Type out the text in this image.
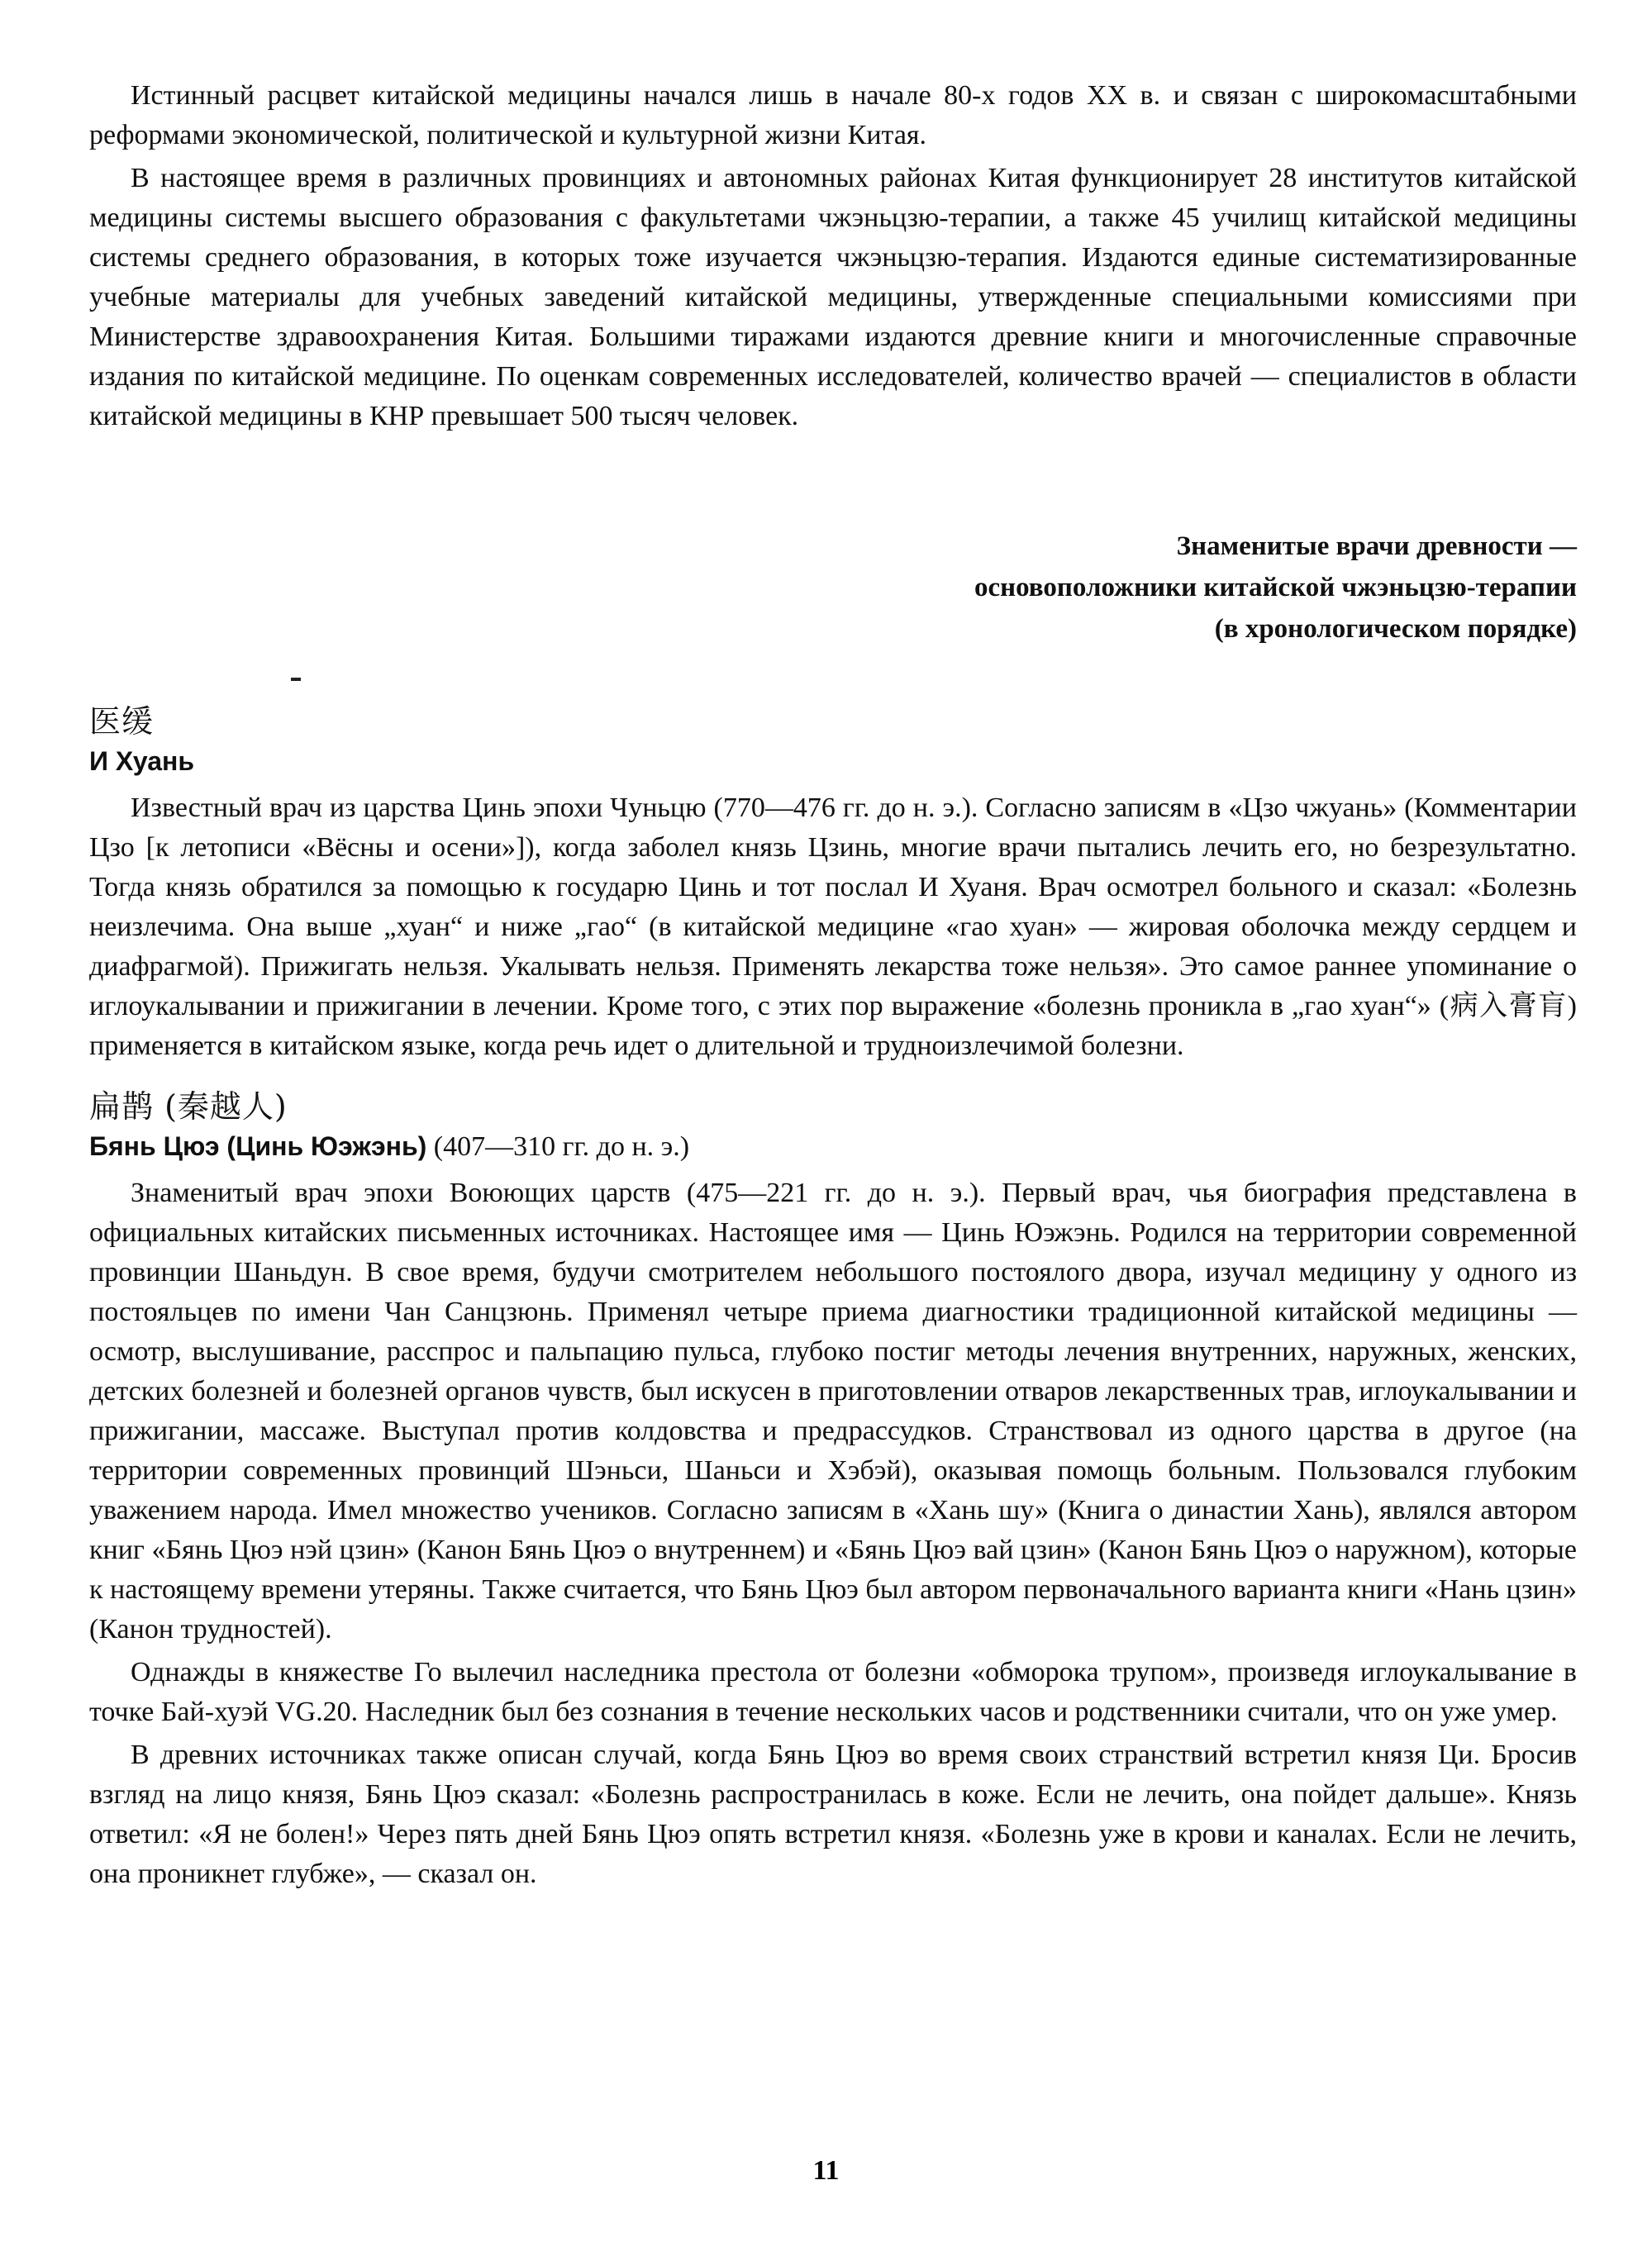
Истинный расцвет китайской медицины начался лишь в начале 80-х годов XX в. и связан с широкомасштабными реформами экономической, политической и культурной жизни Китая.

В настоящее время в различных провинциях и автономных районах Китая функционирует 28 институтов китайской медицины системы высшего образования с факультетами чжэньцзю-терапии, а также 45 училищ китайской медицины системы среднего образования, в которых тоже изучается чжэньцзю-терапия. Издаются единые систематизированные учебные материалы для учебных заведений китайской медицины, утвержденные специальными комиссиями при Министерстве здравоохранения Китая. Большими тиражами издаются древние книги и многочисленные справочные издания по китайской медицине. По оценкам современных исследователей, количество врачей — специалистов в области китайской медицины в КНР превышает 500 тысяч человек.

Знаменитые врачи древности —
основоположники китайской чжэньцзю-терапии
(в хронологическом порядке)
医缓
И Хуань

Известный врач из царства Цинь эпохи Чуньцю (770—476 гг. до н. э.). Согласно записям в «Цзо чжуань» (Комментарии Цзо [к летописи «Вёсны и осени»]), когда заболел князь Цзинь, многие врачи пытались лечить его, но безрезультатно. Тогда князь обратился за помощью к государю Цинь и тот послал И Хуаня. Врач осмотрел больного и сказал: «Болезнь неизлечима. Она выше „хуан“ и ниже „гао“ (в китайской медицине «гао хуан» — жировая оболочка между сердцем и диафрагмой). Прижигать нельзя. Укалывать нельзя. Применять лекарства тоже нельзя». Это самое раннее упоминание о иглоукалывании и прижигании в лечении. Кроме того, с этих пор выражение «болезнь проникла в „гао хуан“» (病入膏肓) применяется в китайском языке, когда речь идет о длительной и трудноизлечимой болезни.

扁鹊 (秦越人)
Бянь Цюэ (Цинь Юэжэнь) (407—310 гг. до н. э.)

Знаменитый врач эпохи Воюющих царств (475—221 гг. до н. э.). Первый врач, чья биография представлена в официальных китайских письменных источниках. Настоящее имя — Цинь Юэжэнь. Родился на территории современной провинции Шаньдун. В свое время, будучи смотрителем небольшого постоялого двора, изучал медицину у одного из постояльцев по имени Чан Санцзюнь. Применял четыре приема диагностики традиционной китайской медицины — осмотр, выслушивание, расспрос и пальпацию пульса, глубоко постиг методы лечения внутренних, наружных, женских, детских болезней и болезней органов чувств, был искусен в приготовлении отваров лекарственных трав, иглоукалывании и прижигании, массаже. Выступал против колдовства и предрассудков. Странствовал из одного царства в другое (на территории современных провинций Шэньси, Шаньси и Хэбэй), оказывая помощь больным. Пользовался глубоким уважением народа. Имел множество учеников. Согласно записям в «Хань шу» (Книга о династии Хань), являлся автором книг «Бянь Цюэ нэй цзин» (Канон Бянь Цюэ о внутреннем) и «Бянь Цюэ вай цзин» (Канон Бянь Цюэ о наружном), которые к настоящему времени утеряны. Также считается, что Бянь Цюэ был автором первоначального варианта книги «Нань цзин» (Канон трудностей).

Однажды в княжестве Го вылечил наследника престола от болезни «обморока трупом», произведя иглоукалывание в точке Бай-хуэй VG.20. Наследник был без сознания в течение нескольких часов и родственники считали, что он уже умер.

В древних источниках также описан случай, когда Бянь Цюэ во время своих странствий встретил князя Ци. Бросив взгляд на лицо князя, Бянь Цюэ сказал: «Болезнь распространилась в коже. Если не лечить, она пойдет дальше». Князь ответил: «Я не болен!» Через пять дней Бянь Цюэ опять встретил князя. «Болезнь уже в крови и каналах. Если не лечить, она проникнет глубже», — сказал он.

11
